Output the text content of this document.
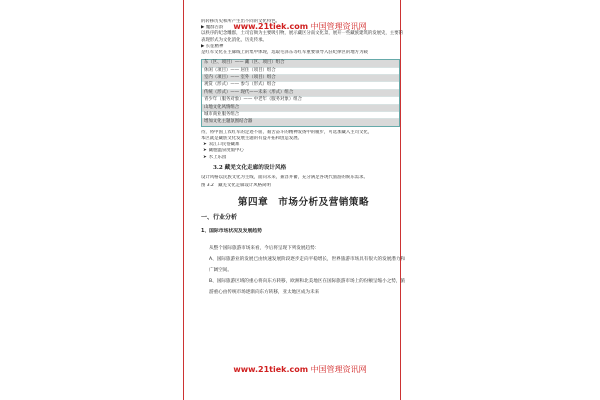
www.21tiek.com 中国管理资讯网
的转移历史和所产生出不同的文化特色。
▶ 魔群古韵
以秩序的纪念雕群，土司官衙为主要吸引物，展示藏区分南文化景，展开一些藏族建筑的发展史，主要的表现形式为文化消化，历史传承。
▶ 长征精神
是红军文化在主廊线上的集中体现，选取毛泽东等红军重要领导入驻纪律区的地方为载
东（区、项目）—— 藏（区、项目）组合
休闲（项目）—— 居住（项目）组合
室内（项目）—— 室外（项目）组合
观赏（形式）—— 参与（形式）组合
传统（形式）—— 现代——未来（形式）组合
青少年（服务对象）—— 中老年（服务对象）组合
山地文化风情组合
城市商业服务组合
增加文化主题氛围结合器
待，将中国工农红军的足迹不屈，艰苦奋斗的精神发扬中的履步，可选加藏入主司文化，
本区就是藏族文化发展主题的有益开拓和创造发展。
➤ 双江口民俗藏寨
➤ 藏胞温泉度假中心
➤ 水上乐园
3.2 藏羌文化走廊的设计风格
设计风格以民族文化为主线，面向未来，兼容并蓄，充分满足各现代旅游的娱乐需求。
图 3.2　藏羌文化走廊设计风格简明
第四章　市场分析及营销策略
一、行业分析
1、国际市场状况及发展趋势
从整个国际旅游市场来看，今后将呈现下列发展趋势：
A、国际旅游业的发展已由快速发展阶段逐步走向平稳增长，世界旅游市场具有很大的发展潜力和广阔空间。
B、国际旅游区域的重心将向东方转移，欧洲和北美地区在国际旅游市场上的份额呈缩小之势，旅游重心由传统市场逐渐向东方转移，亚太地区成为未来
www.21tiek.com 中国管理资讯网
